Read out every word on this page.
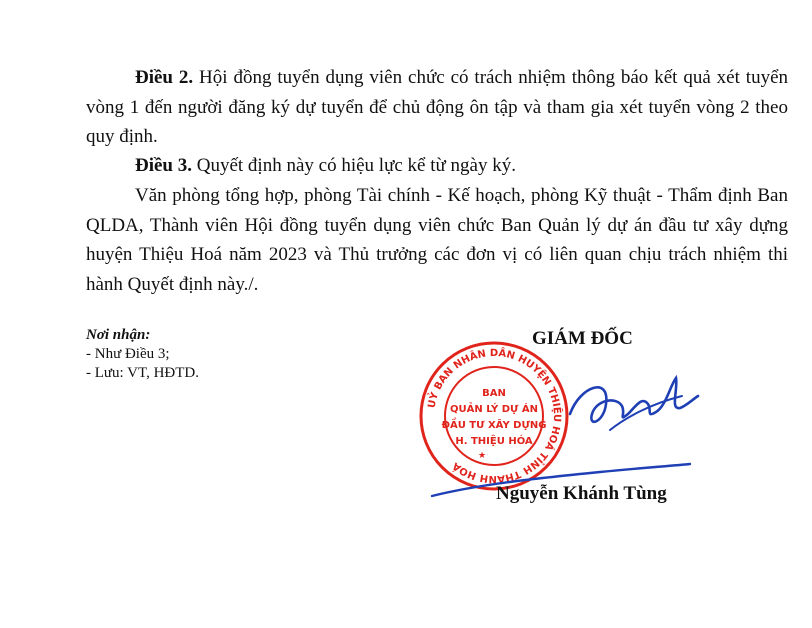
Điều 2. Hội đồng tuyển dụng viên chức có trách nhiệm thông báo kết quả xét tuyển vòng 1 đến người đăng ký dự tuyển để chủ động ôn tập và tham gia xét tuyển vòng 2 theo quy định.

Điều 3. Quyết định này có hiệu lực kể từ ngày ký.

Văn phòng tổng hợp, phòng Tài chính - Kế hoạch, phòng Kỹ thuật - Thẩm định Ban QLDA, Thành viên Hội đồng tuyển dụng viên chức Ban Quản lý dự án đầu tư xây dựng huyện Thiệu Hoá năm 2023 và Thủ trưởng các đơn vị có liên quan chịu trách nhiệm thi hành Quyết định này./.

Nơi nhận:
- Như Điều 3;
- Lưu: VT, HĐTD.
GIÁM ĐỐC
UỶ BAN NHÂN DÂN HUYỆN THIỆU HOÁ TỈNH THANH HOÁ
BAN
QUẢN LÝ DỰ ÁN
ĐẦU TƯ XÂY DỰNG
H. THIỆU HÓA
★
Nguyễn Khánh Tùng
